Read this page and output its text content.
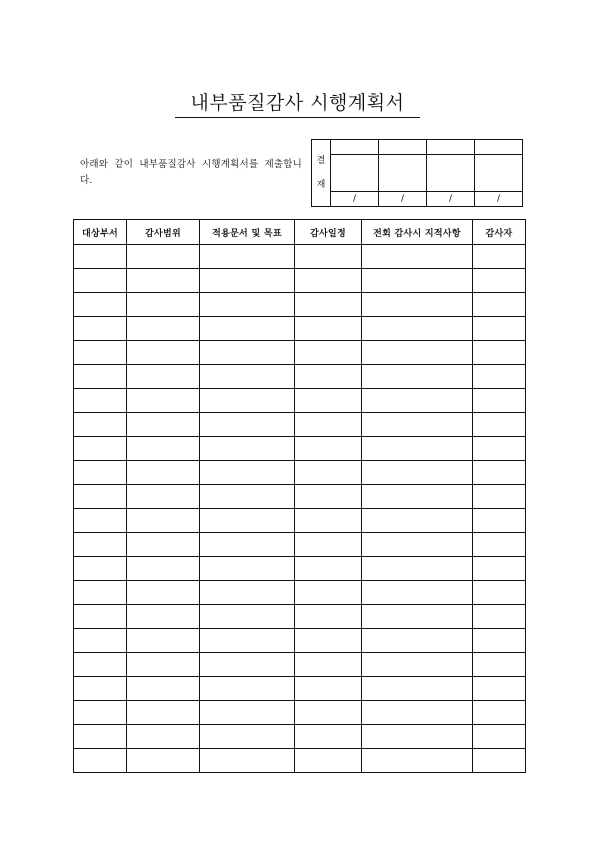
내부품질감사 시행계획서
아래와 같이 내부품질감사 시행계획서를 제출합니다.
결
재				

	/	/	/	/
대상부서	감사범위	적용문서 및 목표	감사일정	전회 감사시 지적사항	감사자
